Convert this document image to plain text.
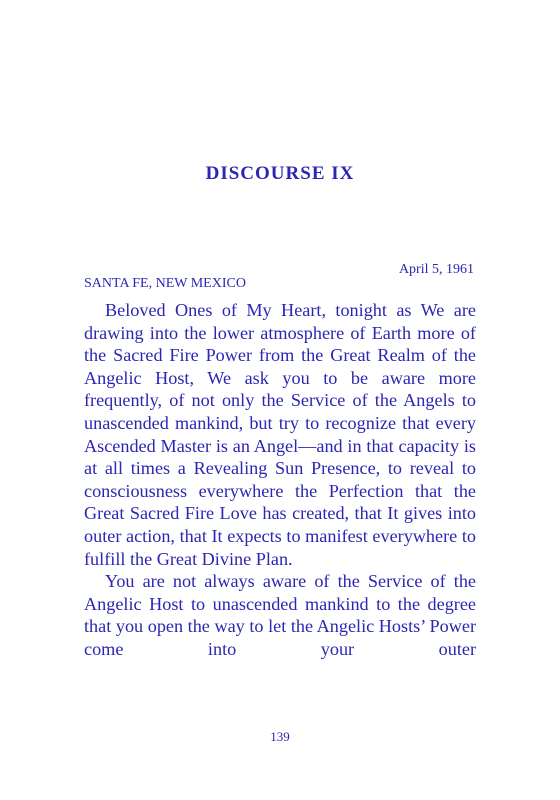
DISCOURSE IX
April 5, 1961
SANTA FE, NEW MEXICO

Beloved Ones of My Heart, tonight as We are drawing into the lower atmosphere of Earth more of the Sacred Fire Power from the Great Realm of the Angelic Host, We ask you to be aware more frequently, of not only the Service of the Angels to unascended mankind, but try to recognize that every Ascended Master is an Angel—and in that capacity is at all times a Revealing Sun Presence, to reveal to consciousness everywhere the Perfection that the Great Sacred Fire Love has created, that It gives into outer action, that It expects to manifest everywhere to fulfill the Great Divine Plan.

You are not always aware of the Service of the Angelic Host to unascended mankind to the degree that you open the way to let the Angelic Hosts’ Power come into your outer

139
